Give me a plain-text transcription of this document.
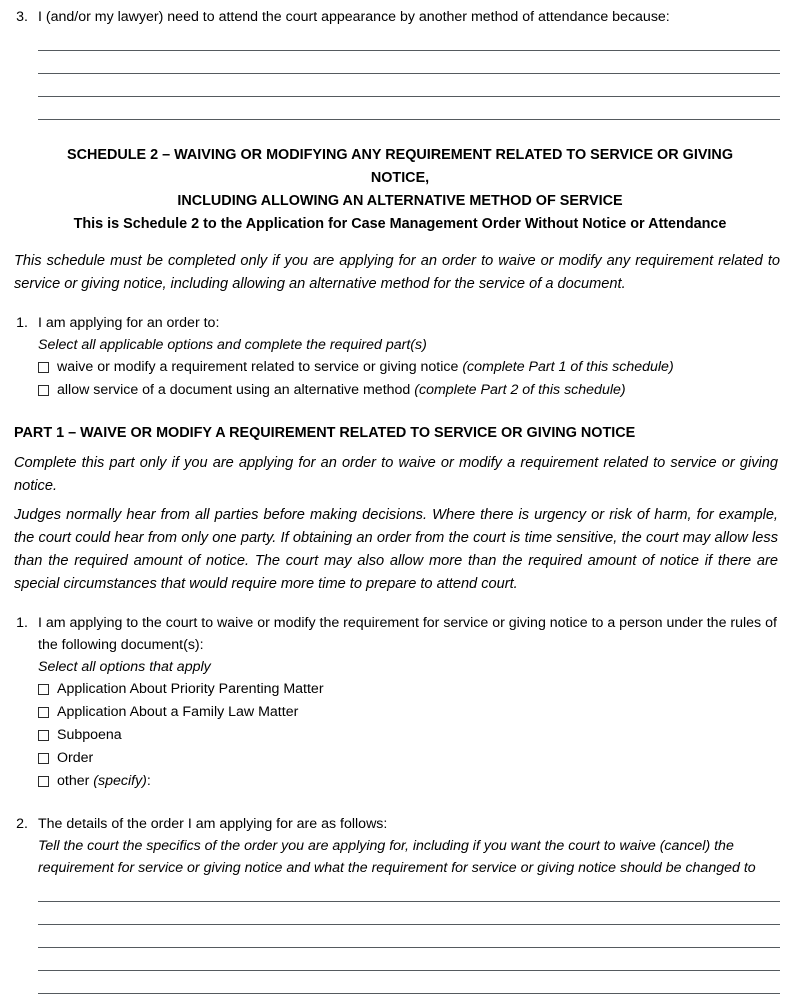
3. I (and/or my lawyer) need to attend the court appearance by another method of attendance because:
SCHEDULE 2 – WAIVING OR MODIFYING ANY REQUIREMENT RELATED TO SERVICE OR GIVING NOTICE,
INCLUDING ALLOWING AN ALTERNATIVE METHOD OF SERVICE
This is Schedule 2 to the Application for Case Management Order Without Notice or Attendance
This schedule must be completed only if you are applying for an order to waive or modify any requirement related to service or giving notice, including allowing an alternative method for the service of a document.
1. I am applying for an order to:
Select all applicable options and complete the required part(s)
waive or modify a requirement related to service or giving notice (complete Part 1 of this schedule)
allow service of a document using an alternative method (complete Part 2 of this schedule)
PART 1 – WAIVE OR MODIFY A REQUIREMENT RELATED TO SERVICE OR GIVING NOTICE
Complete this part only if you are applying for an order to waive or modify a requirement related to service or giving notice.
Judges normally hear from all parties before making decisions. Where there is urgency or risk of harm, for example, the court could hear from only one party. If obtaining an order from the court is time sensitive, the court may allow less than the required amount of notice. The court may also allow more than the required amount of notice if there are special circumstances that would require more time to prepare to attend court.
1. I am applying to the court to waive or modify the requirement for service or giving notice to a person under the rules of the following document(s):
Select all options that apply
Application About Priority Parenting Matter
Application About a Family Law Matter
Subpoena
Order
other (specify):
2. The details of the order I am applying for are as follows:
Tell the court the specifics of the order you are applying for, including if you want the court to waive (cancel) the requirement for service or giving notice and what the requirement for service or giving notice should be changed to
